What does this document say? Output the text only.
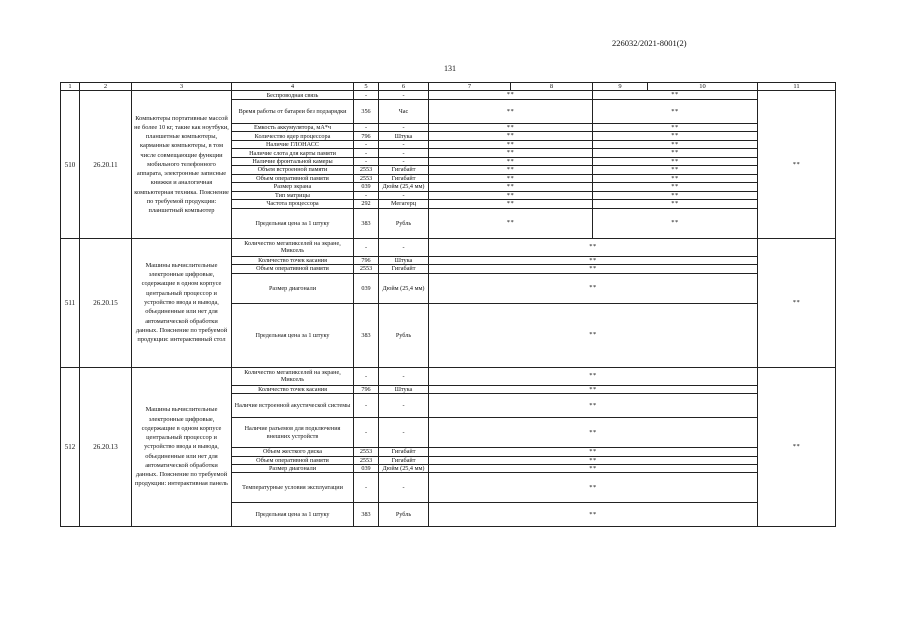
226032/2021-8001(2)
131
1	2	3	4	5	6	7	8	9	10	11
510	26.20.11	Компьютеры портативные массой не более 10 кг, такие как ноутбуки, планшетные компьютеры, карманные компьютеры, в том числе совмещающие функции мобильного телефонного аппарата, электронные записные книжки и аналогичная компьютерная техника. Пояснение по требуемой продукции: планшетный компьютер	Беспроводная связь	-	-	**		**		**
			Время работы от батареи без подзарядки	356	Час	**		**		
			Емкость аккумулятора, мА*ч	-	-	**		**		
			Количество ядер процессора	796	Штука	**		**		
			Наличие ГЛОНАСС	-	-	**		**		
			Наличие слота для карты памяти	-	-	**		**		
			Наличие фронтальной камеры	-	-	**		**		
			Объем встроенной памяти	2553	Гигабайт	**		**		
			Объем оперативной памяти	2553	Гигабайт	**		**		
			Размер экрана	039	Дюйм (25,4 мм)	**		**		
			Тип матрицы	-	-	**		**		
			Частота процессора	292	Мегагерц	**		**		
			Предельная цена за 1 штуку	383	Рубль	**		**		
511	26.20.15	Машины вычислительные электронные цифровые, содержащие в одном корпусе центральный процессор и устройство ввода и вывода, объединенные или нет для автоматической обработки данных. Пояснение по требуемой продукции: интерактивный стол	Количество мегапикселей на экране, Миксель	-	-	**				**
			Количество точек касания	796	Штука	**				
			Объем оперативной памяти	2553	Гигабайт	**				
			Размер диагонали	039	Дюйм (25,4 мм)	**				
			Предельная цена за 1 штуку	383	Рубль	**				
512	26.20.13	Машины вычислительные электронные цифровые, содержащие в одном корпусе центральный процессор и устройство ввода и вывода, объединенные или нет для автоматической обработки данных. Пояснение по требуемой продукции: интерактивная панель	Количество мегапикселей на экране, Миксель	-	-	**				**
			Количество точек касания	796	Штука	**				
			Наличие встроенной акустической системы	-	-	**				
			Наличие разъемов для подключения внешних устройств	-	-	**				
			Объем жесткого диска	2553	Гигабайт	**				
			Объем оперативной памяти	2553	Гигабайт	**				
			Размер диагонали	039	Дюйм (25,4 мм)	**				
			Температурные условия эксплуатации	-	-	**				
			Предельная цена за 1 штуку	383	Рубль	**				
